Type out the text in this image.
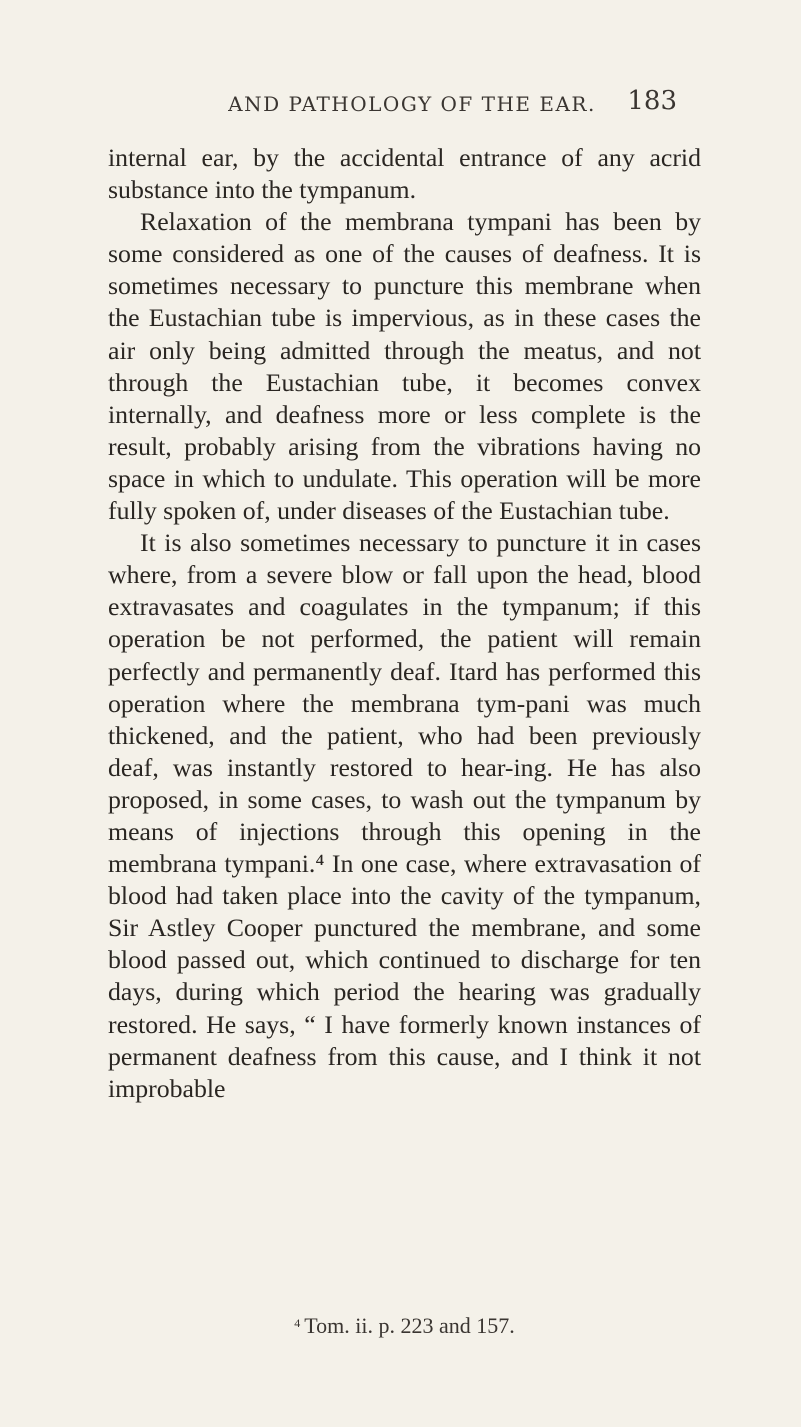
AND PATHOLOGY OF THE EAR.	183

internal ear, by the accidental entrance of any acrid substance into the tympanum.

Relaxation of the membrana tympani has been by some considered as one of the causes of deafness. It is sometimes necessary to puncture this membrane when the Eustachian tube is impervious, as in these cases the air only being admitted through the meatus, and not through the Eustachian tube, it becomes convex internally, and deafness more or less complete is the result, probably arising from the vibrations having no space in which to undulate. This operation will be more fully spoken of, under diseases of the Eustachian tube.

It is also sometimes necessary to puncture it in cases where, from a severe blow or fall upon the head, blood extravasates and coagulates in the tympanum; if this operation be not performed, the patient will remain perfectly and permanently deaf. Itard has performed this operation where the membrana tym-pani was much thickened, and the patient, who had been previously deaf, was instantly restored to hear-ing. He has also proposed, in some cases, to wash out the tympanum by means of injections through this opening in the membrana tympani.⁴ In one case, where extravasation of blood had taken place into the cavity of the tympanum, Sir Astley Cooper punctured the membrane, and some blood passed out, which continued to discharge for ten days, during which period the hearing was gradually restored. He says, “ I have formerly known instances of permanent deafness from this cause, and I think it not improbable

$^4$ Tom. ii. p. 223 and 157.
